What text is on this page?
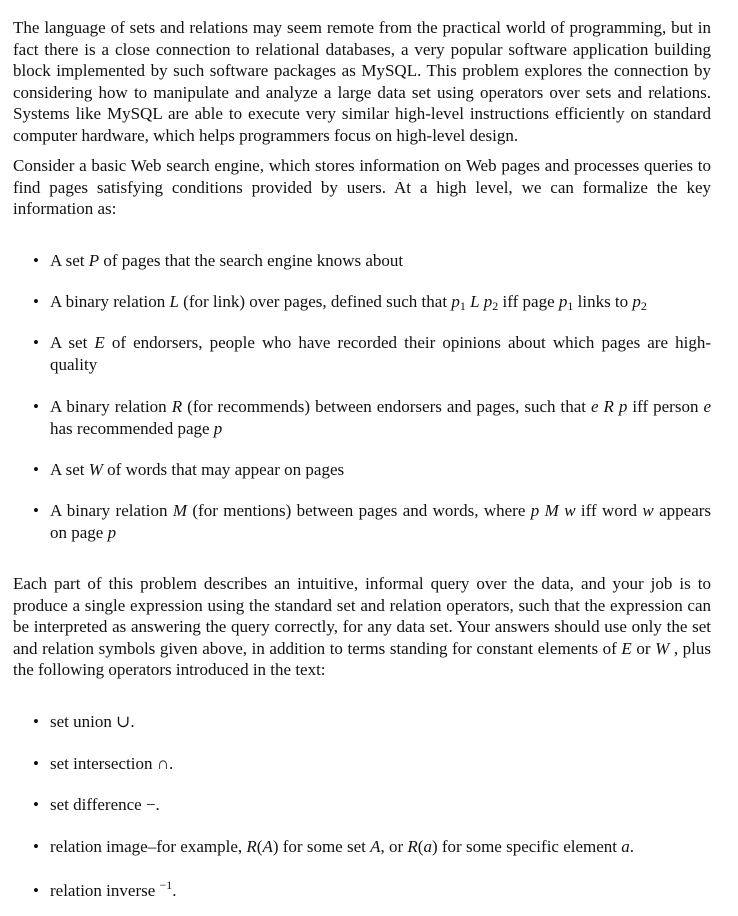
The language of sets and relations may seem remote from the practical world of programming, but in fact there is a close connection to relational databases, a very popular software application building block implemented by such software packages as MySQL. This problem explores the connection by considering how to manipulate and analyze a large data set using operators over sets and relations. Systems like MySQL are able to execute very similar high-level instructions efficiently on standard computer hardware, which helps programmers focus on high-level design.

Consider a basic Web search engine, which stores information on Web pages and processes queries to find pages satisfying conditions provided by users. At a high level, we can formalize the key information as:

• A set P of pages that the search engine knows about

• A binary relation L (for link) over pages, defined such that $p_1$ L $p_2$ iff page $p_1$ links to $p_2$

• A set E of endorsers, people who have recorded their opinions about which pages are high-quality

• A binary relation R (for recommends) between endorsers and pages, such that e R p iff person e has recommended page p

• A set W of words that may appear on pages

• A binary relation M (for mentions) between pages and words, where p M w iff word w appears on page p

Each part of this problem describes an intuitive, informal query over the data, and your job is to produce a single expression using the standard set and relation operators, such that the expression can be interpreted as answering the query correctly, for any data set. Your answers should use only the set and relation symbols given above, in addition to terms standing for constant elements of E or W , plus the following operators introduced in the text:

• set union ∪.

• set intersection ∩.

• set difference −.

• relation image–for example, R(A) for some set A, or R(a) for some specific element a.

• relation inverse $^{-1}$.
